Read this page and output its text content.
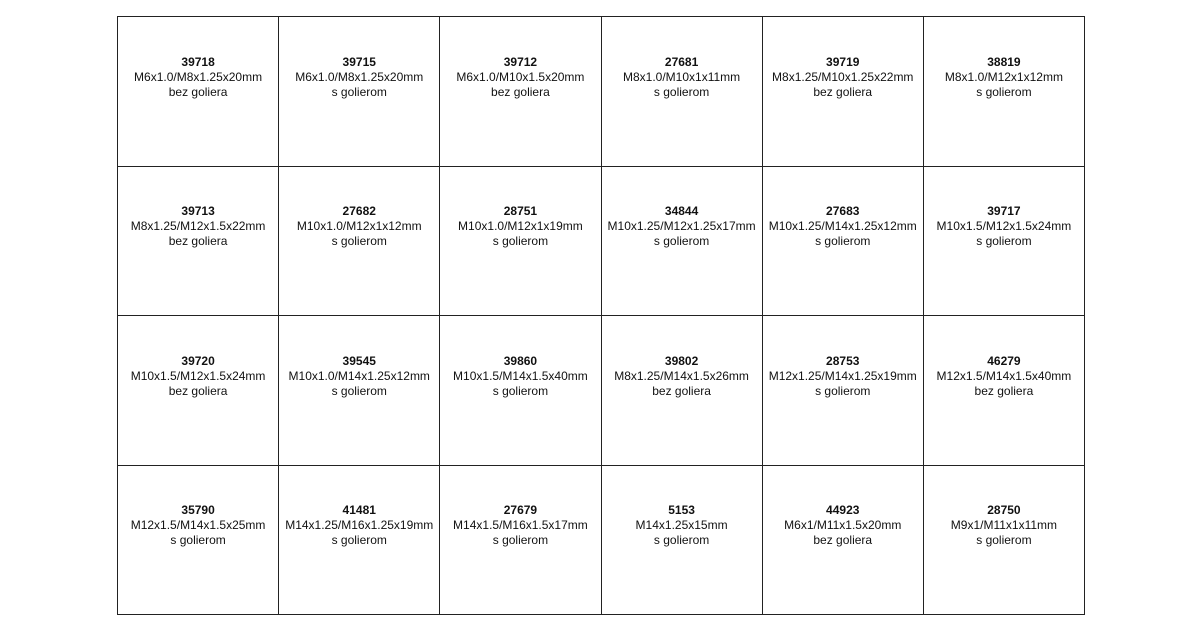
39718
M6x1.0/M8x1.25x20mm
bez goliera
39715
M6x1.0/M8x1.25x20mm
s golierom
39712
M6x1.0/M10x1.5x20mm
bez goliera
27681
M8x1.0/M10x1x11mm
s golierom
39719
M8x1.25/M10x1.25x22mm
bez goliera
38819
M8x1.0/M12x1x12mm
s golierom
39713
M8x1.25/M12x1.5x22mm
bez goliera
27682
M10x1.0/M12x1x12mm
s golierom
28751
M10x1.0/M12x1x19mm
s golierom
34844
M10x1.25/M12x1.25x17mm
s golierom
27683
M10x1.25/M14x1.25x12mm
s golierom
39717
M10x1.5/M12x1.5x24mm
s golierom
39720
M10x1.5/M12x1.5x24mm
bez goliera
39545
M10x1.0/M14x1.25x12mm
s golierom
39860
M10x1.5/M14x1.5x40mm
s golierom
39802
M8x1.25/M14x1.5x26mm
bez goliera
28753
M12x1.25/M14x1.25x19mm
s golierom
46279
M12x1.5/M14x1.5x40mm
bez goliera
35790
M12x1.5/M14x1.5x25mm
s golierom
41481
M14x1.25/M16x1.25x19mm
s golierom
27679
M14x1.5/M16x1.5x17mm
s golierom
5153
M14x1.25x15mm
s golierom
44923
M6x1/M11x1.5x20mm
bez goliera
28750
M9x1/M11x1x11mm
s golierom
